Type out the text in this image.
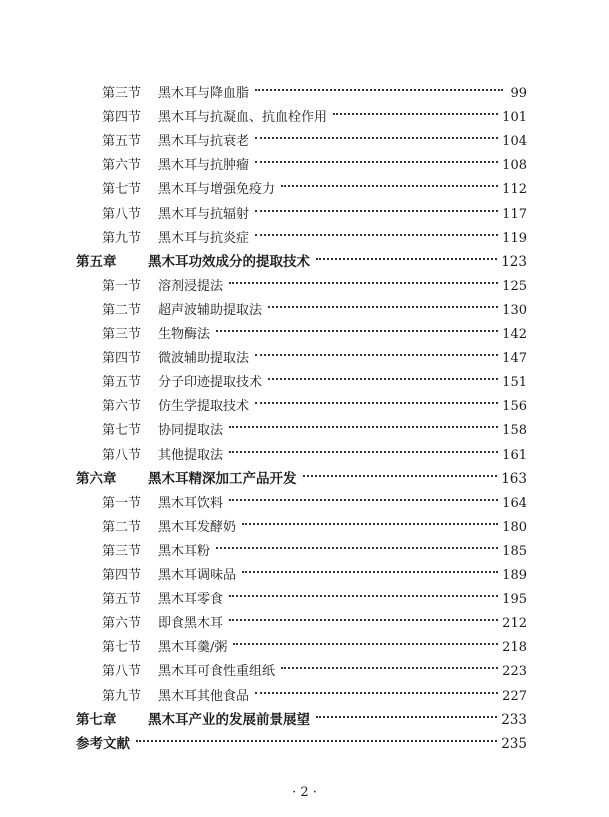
第三节	黑木耳与降血脂	99
第四节	黑木耳与抗凝血、抗血栓作用	101
第五节	黑木耳与抗衰老	104
第六节	黑木耳与抗肿瘤	108
第七节	黑木耳与增强免疫力	112
第八节	黑木耳与抗辐射	117
第九节	黑木耳与抗炎症	119
第五章	黑木耳功效成分的提取技术	123
第一节	溶剂浸提法	125
第二节	超声波辅助提取法	130
第三节	生物酶法	142
第四节	微波辅助提取法	147
第五节	分子印迹提取技术	151
第六节	仿生学提取技术	156
第七节	协同提取法	158
第八节	其他提取法	161
第六章	黑木耳精深加工产品开发	163
第一节	黑木耳饮料	164
第二节	黑木耳发酵奶	180
第三节	黑木耳粉	185
第四节	黑木耳调味品	189
第五节	黑木耳零食	195
第六节	即食黑木耳	212
第七节	黑木耳羹/粥	218
第八节	黑木耳可食性重组纸	223
第九节	黑木耳其他食品	227
第七章	黑木耳产业的发展前景展望	233
参考文献	235
· 2 ·
